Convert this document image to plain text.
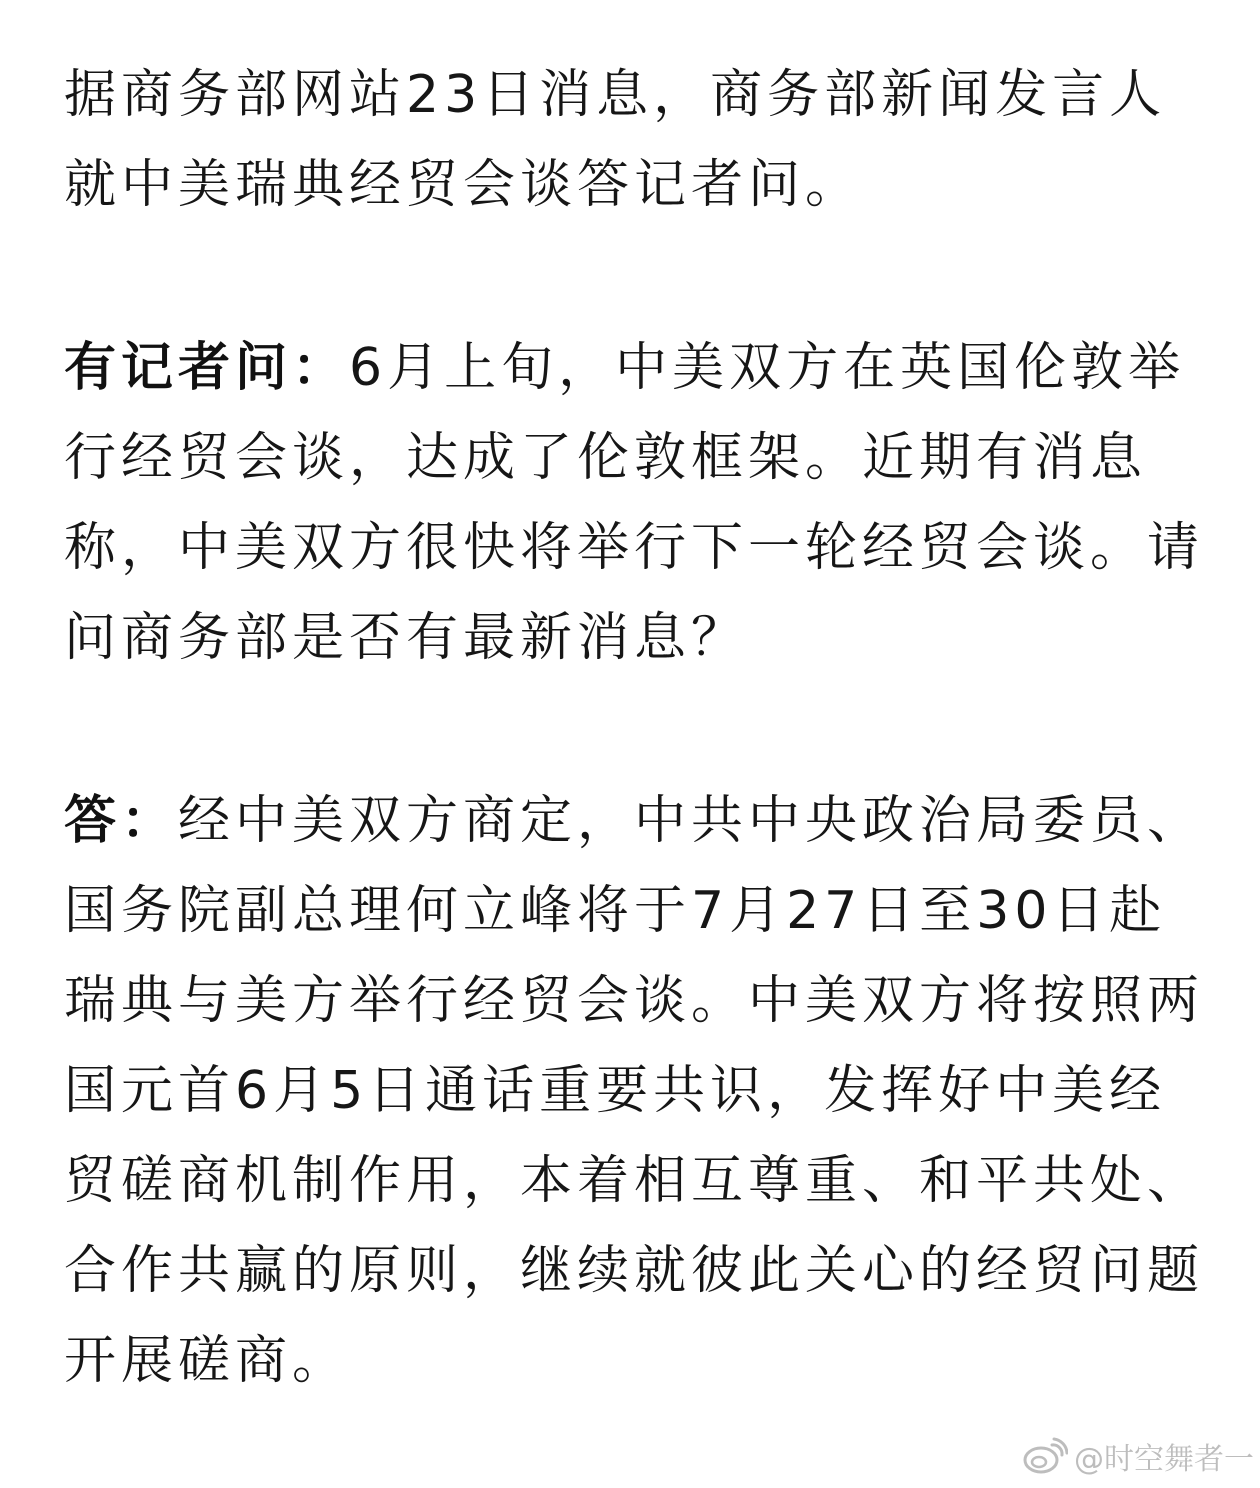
据商务部网站23日消息，商务部新闻发言人
就中美瑞典经贸会谈答记者问。

有记者问：6月上旬，中美双方在英国伦敦举
行经贸会谈，达成了伦敦框架。近期有消息
称，中美双方很快将举行下一轮经贸会谈。请
问商务部是否有最新消息？

答：经中美双方商定，中共中央政治局委员、
国务院副总理何立峰将于7月27日至30日赴
瑞典与美方举行经贸会谈。中美双方将按照两
国元首6月5日通话重要共识，发挥好中美经
贸磋商机制作用，本着相互尊重、和平共处、
合作共赢的原则，继续就彼此关心的经贸问题
开展磋商。

@时空舞者一
